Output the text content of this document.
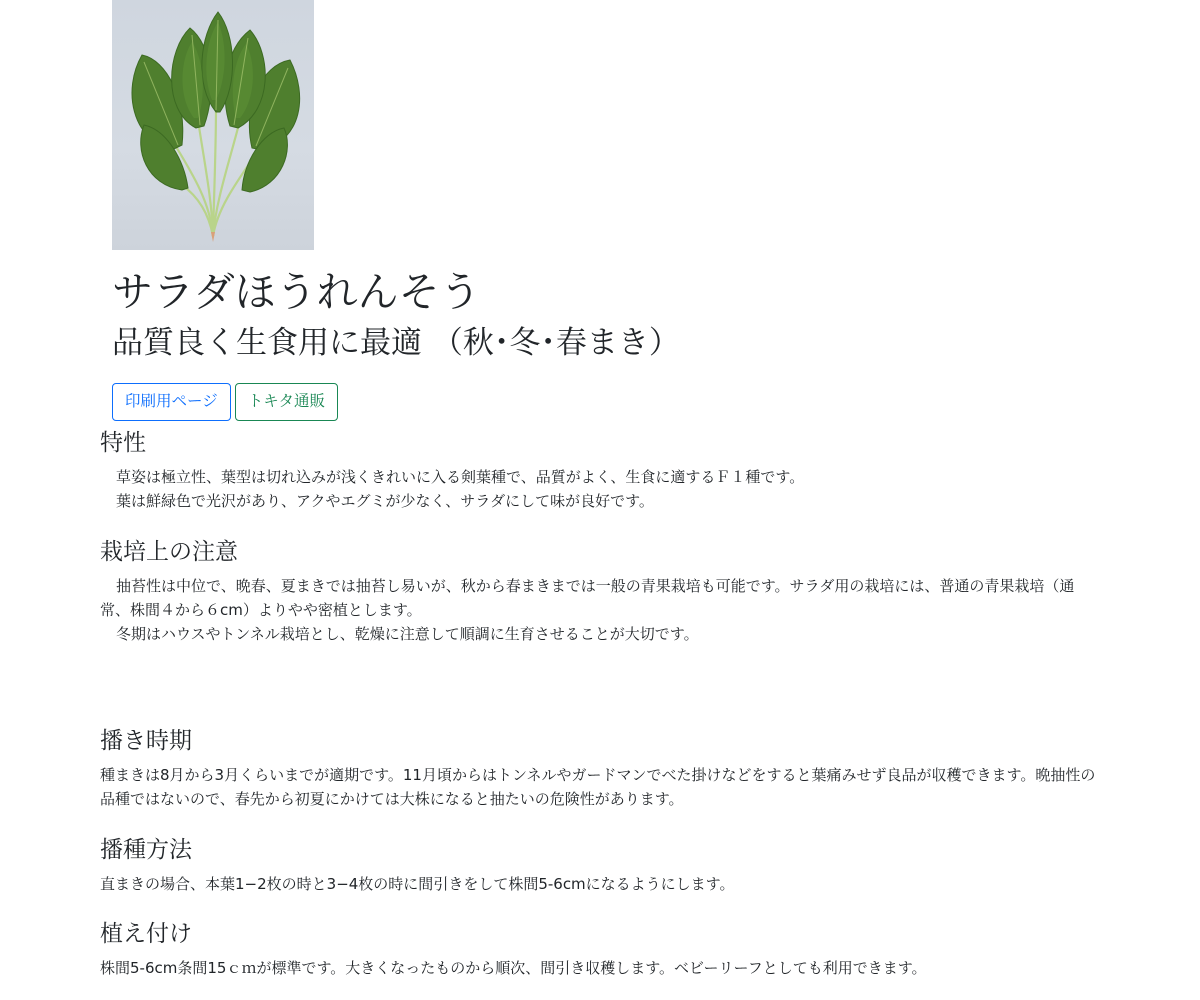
サラダほうれんそう
品質良く生食用に最適 （秋･冬･春まき）
印刷用ページ	トキタ通販
特性

草姿は極立性、葉型は切れ込みが浅くきれいに入る剣葉種で、品質がよく、生食に適するＦ１種です。

葉は鮮緑色で光沢があり、アクやエグミが少なく、サラダにして味が良好です。

栽培上の注意

抽苔性は中位で、晩春、夏まきでは抽苔し易いが、秋から春まきまでは一般の青果栽培も可能です。サラダ用の栽培には、普通の青果栽培（通常、株間４から６cm）よりやや密植とします。

冬期はハウスやトンネル栽培とし、乾燥に注意して順調に生育させることが大切です。

播き時期

種まきは8月から3月くらいまでが適期です。11月頃からはトンネルやガードマンでべた掛けなどをすると葉痛みせず良品が収穫できます。晩抽性の品種ではないので、春先から初夏にかけては大株になると抽たいの危険性があります。

播種方法

直まきの場合、本葉1−2枚の時と3−4枚の時に間引きをして株間5-6cmになるようにします。

植え付け

株間5-6cm条間15ｃｍが標準です。大きくなったものから順次、間引き収穫します。ベビーリーフとしても利用できます。
